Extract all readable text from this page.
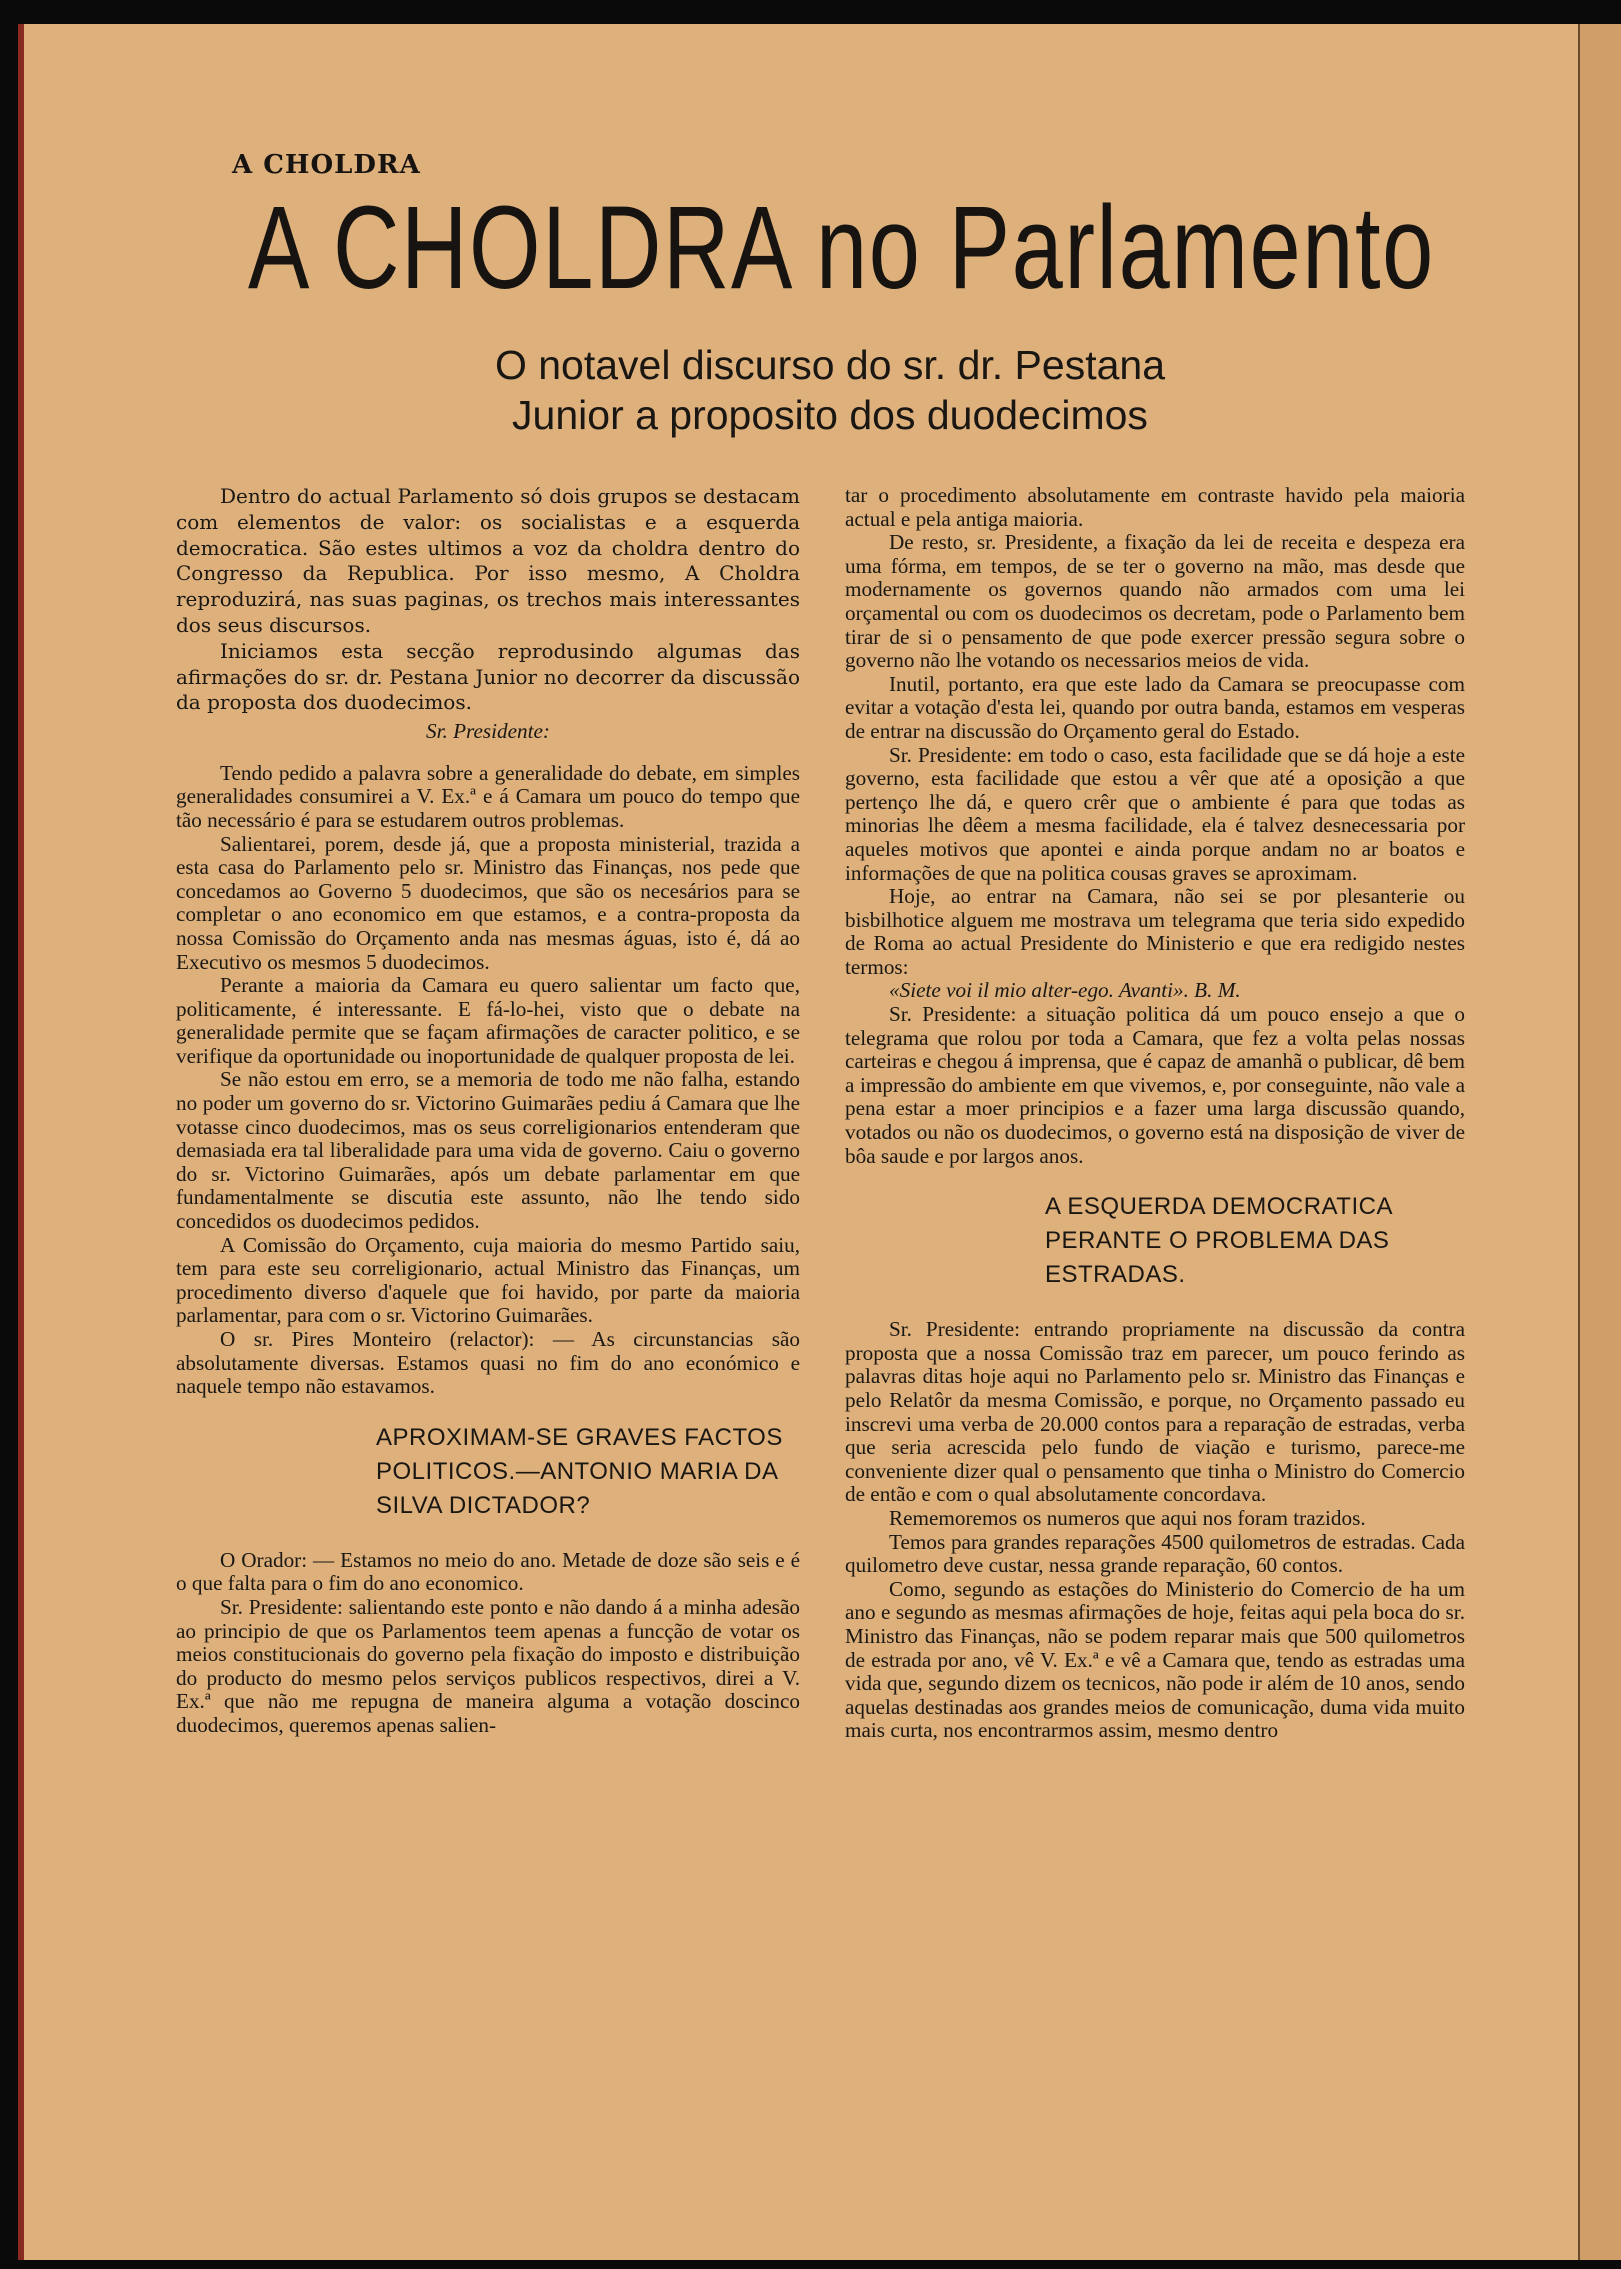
A CHOLDRA
A CHOLDRA no Parlamento
O notavel discurso do sr. dr. Pestana
Junior a proposito dos duodecimos

Dentro do actual Parlamento só dois grupos se destacam com elementos de valor: os socialistas e a esquerda democratica. São estes ultimos a voz da choldra dentro do Congresso da Republica. Por isso mesmo, A Choldra reproduzirá, nas suas paginas, os trechos mais interessantes dos seus discursos.

Iniciamos esta secção reprodusindo algumas das afirmações do sr. dr. Pestana Junior no decorrer da discussão da proposta dos duodecimos.

Sr. Presidente:

Tendo pedido a palavra sobre a generalidade do debate, em simples generalidades consumirei a V. Ex.ª e á Camara um pouco do tempo que tão necessário é para se estudarem outros problemas.

Salientarei, porem, desde já, que a proposta ministerial, trazida a esta casa do Parlamento pelo sr. Ministro das Finanças, nos pede que concedamos ao Governo 5 duodecimos, que são os necesários para se completar o ano economico em que estamos, e a contra-proposta da nossa Comissão do Orçamento anda nas mesmas águas, isto é, dá ao Executivo os mesmos 5 duodecimos.

Perante a maioria da Camara eu quero salientar um facto que, politicamente, é interessante. E fá-lo-hei, visto que o debate na generalidade permite que se façam afirmações de caracter politico, e se verifique da oportunidade ou inoportunidade de qualquer proposta de lei.

Se não estou em erro, se a memoria de todo me não falha, estando no poder um governo do sr. Victorino Guimarães pediu á Camara que lhe votasse cinco duodecimos, mas os seus correligionarios entenderam que demasiada era tal liberalidade para uma vida de governo. Caiu o governo do sr. Victorino Guimarães, após um debate parlamentar em que fundamentalmente se discutia este assunto, não lhe tendo sido concedidos os duodecimos pedidos.

A Comissão do Orçamento, cuja maioria do mesmo Partido saiu, tem para este seu correligionario, actual Ministro das Finanças, um procedimento diverso d'aquele que foi havido, por parte da maioria parlamentar, para com o sr. Victorino Guimarães.

O sr. Pires Monteiro (relactor): — As circunstancias são absolutamente diversas. Estamos quasi no fim do ano económico e naquele tempo não estavamos.

APROXIMAM-SE GRAVES FACTOS POLITICOS.—ANTONIO MARIA DA SILVA DICTADOR?

O Orador: — Estamos no meio do ano. Metade de doze são seis e é o que falta para o fim do ano economico.

Sr. Presidente: salientando este ponto e não dando á a minha adesão ao principio de que os Parlamentos teem apenas a funcção de votar os meios constitucionais do governo pela fixação do imposto e distribuição do producto do mesmo pelos serviços publicos respectivos, direi a V. Ex.ª que não me repugna de maneira alguma a votação doscinco duodecimos, queremos apenas salien-

tar o procedimento absolutamente em contraste havido pela maioria actual e pela antiga maioria.

De resto, sr. Presidente, a fixação da lei de receita e despeza era uma fórma, em tempos, de se ter o governo na mão, mas desde que modernamente os governos quando não armados com uma lei orçamental ou com os duodecimos os decretam, pode o Parlamento bem tirar de si o pensamento de que pode exercer pressão segura sobre o governo não lhe votando os necessarios meios de vida.

Inutil, portanto, era que este lado da Camara se preocupasse com evitar a votação d'esta lei, quando por outra banda, estamos em vesperas de entrar na discussão do Orçamento geral do Estado.

Sr. Presidente: em todo o caso, esta facilidade que se dá hoje a este governo, esta facilidade que estou a vêr que até a oposição a que pertenço lhe dá, e quero crêr que o ambiente é para que todas as minorias lhe dêem a mesma facilidade, ela é talvez desnecessaria por aqueles motivos que apontei e ainda porque andam no ar boatos e informações de que na politica cousas graves se aproximam.

Hoje, ao entrar na Camara, não sei se por plesanterie ou bisbilhotice alguem me mostrava um telegrama que teria sido expedido de Roma ao actual Presidente do Ministerio e que era redigido nestes termos:

«Siete voi il mio alter-ego. Avanti». B. M.

Sr. Presidente: a situação politica dá um pouco ensejo a que o telegrama que rolou por toda a Camara, que fez a volta pelas nossas carteiras e chegou á imprensa, que é capaz de amanhã o publicar, dê bem a impressão do ambiente em que vivemos, e, por conseguinte, não vale a pena estar a moer principios e a fazer uma larga discussão quando, votados ou não os duodecimos, o governo está na disposição de viver de bôa saude e por largos anos.

A ESQUERDA DEMOCRATICA PERANTE O PROBLEMA DAS ESTRADAS.

Sr. Presidente: entrando propriamente na discussão da contra proposta que a nossa Comissão traz em parecer, um pouco ferindo as palavras ditas hoje aqui no Parlamento pelo sr. Ministro das Finanças e pelo Relatôr da mesma Comissão, e porque, no Orçamento passado eu inscrevi uma verba de 20.000 contos para a reparação de estradas, verba que seria acrescida pelo fundo de viação e turismo, parece-me conveniente dizer qual o pensamento que tinha o Ministro do Comercio de então e com o qual absolutamente concordava.

Rememoremos os numeros que aqui nos foram trazidos.

Temos para grandes reparações 4500 quilometros de estradas. Cada quilometro deve custar, nessa grande reparação, 60 contos.

Como, segundo as estações do Ministerio do Comercio de ha um ano e segundo as mesmas afirmações de hoje, feitas aqui pela boca do sr. Ministro das Finanças, não se podem reparar mais que 500 quilometros de estrada por ano, vê V. Ex.ª e vê a Camara que, tendo as estradas uma vida que, segundo dizem os tecnicos, não pode ir além de 10 anos, sendo aquelas destinadas aos grandes meios de comunicação, duma vida muito mais curta, nos encontrarmos assim, mesmo dentro
